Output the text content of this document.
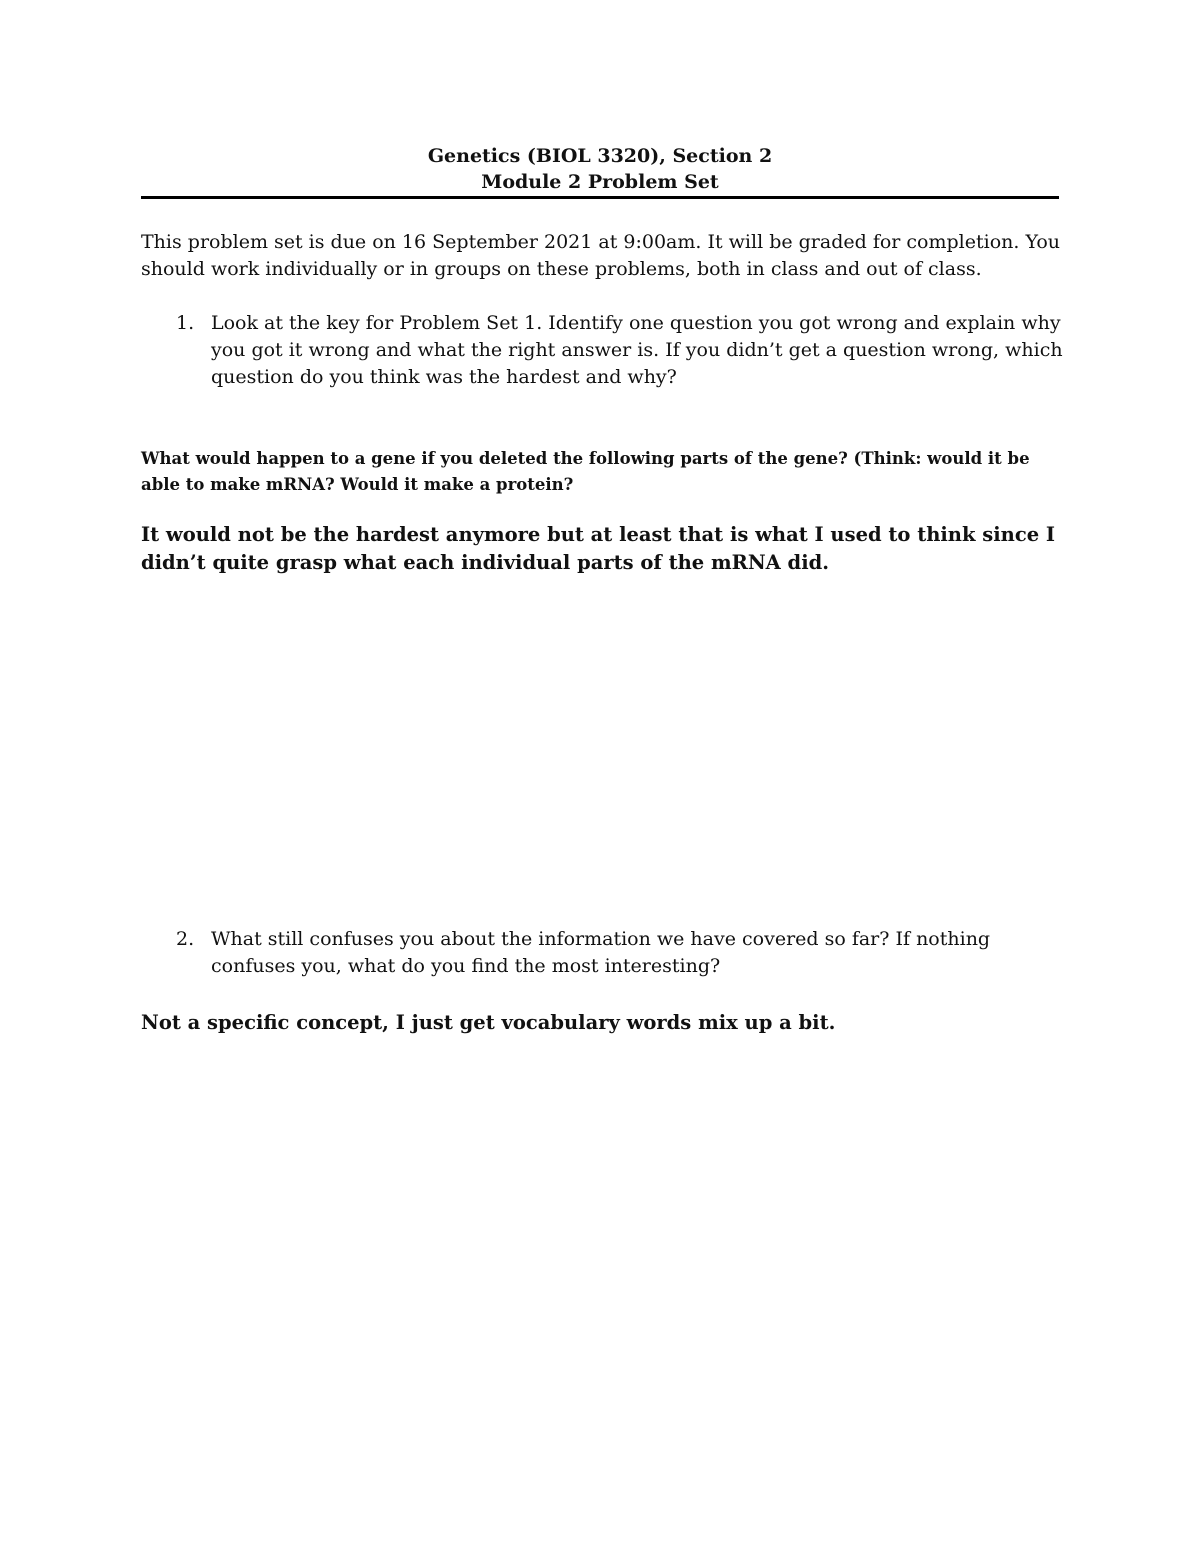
Genetics (BIOL 3320), Section 2
Module 2 Problem Set
This problem set is due on 16 September 2021 at 9:00am. It will be graded for completion. You should work individually or in groups on these problems, both in class and out of class.
1. Look at the key for Problem Set 1. Identify one question you got wrong and explain why you got it wrong and what the right answer is. If you didn’t get a question wrong, which question do you think was the hardest and why?
What would happen to a gene if you deleted the following parts of the gene? (Think: would it be able to make mRNA? Would it make a protein?
It would not be the hardest anymore but at least that is what I used to think since I didn’t quite grasp what each individual parts of the mRNA did.
2. What still confuses you about the information we have covered so far? If nothing confuses you, what do you find the most interesting?
Not a specific concept, I just get vocabulary words mix up a bit.
